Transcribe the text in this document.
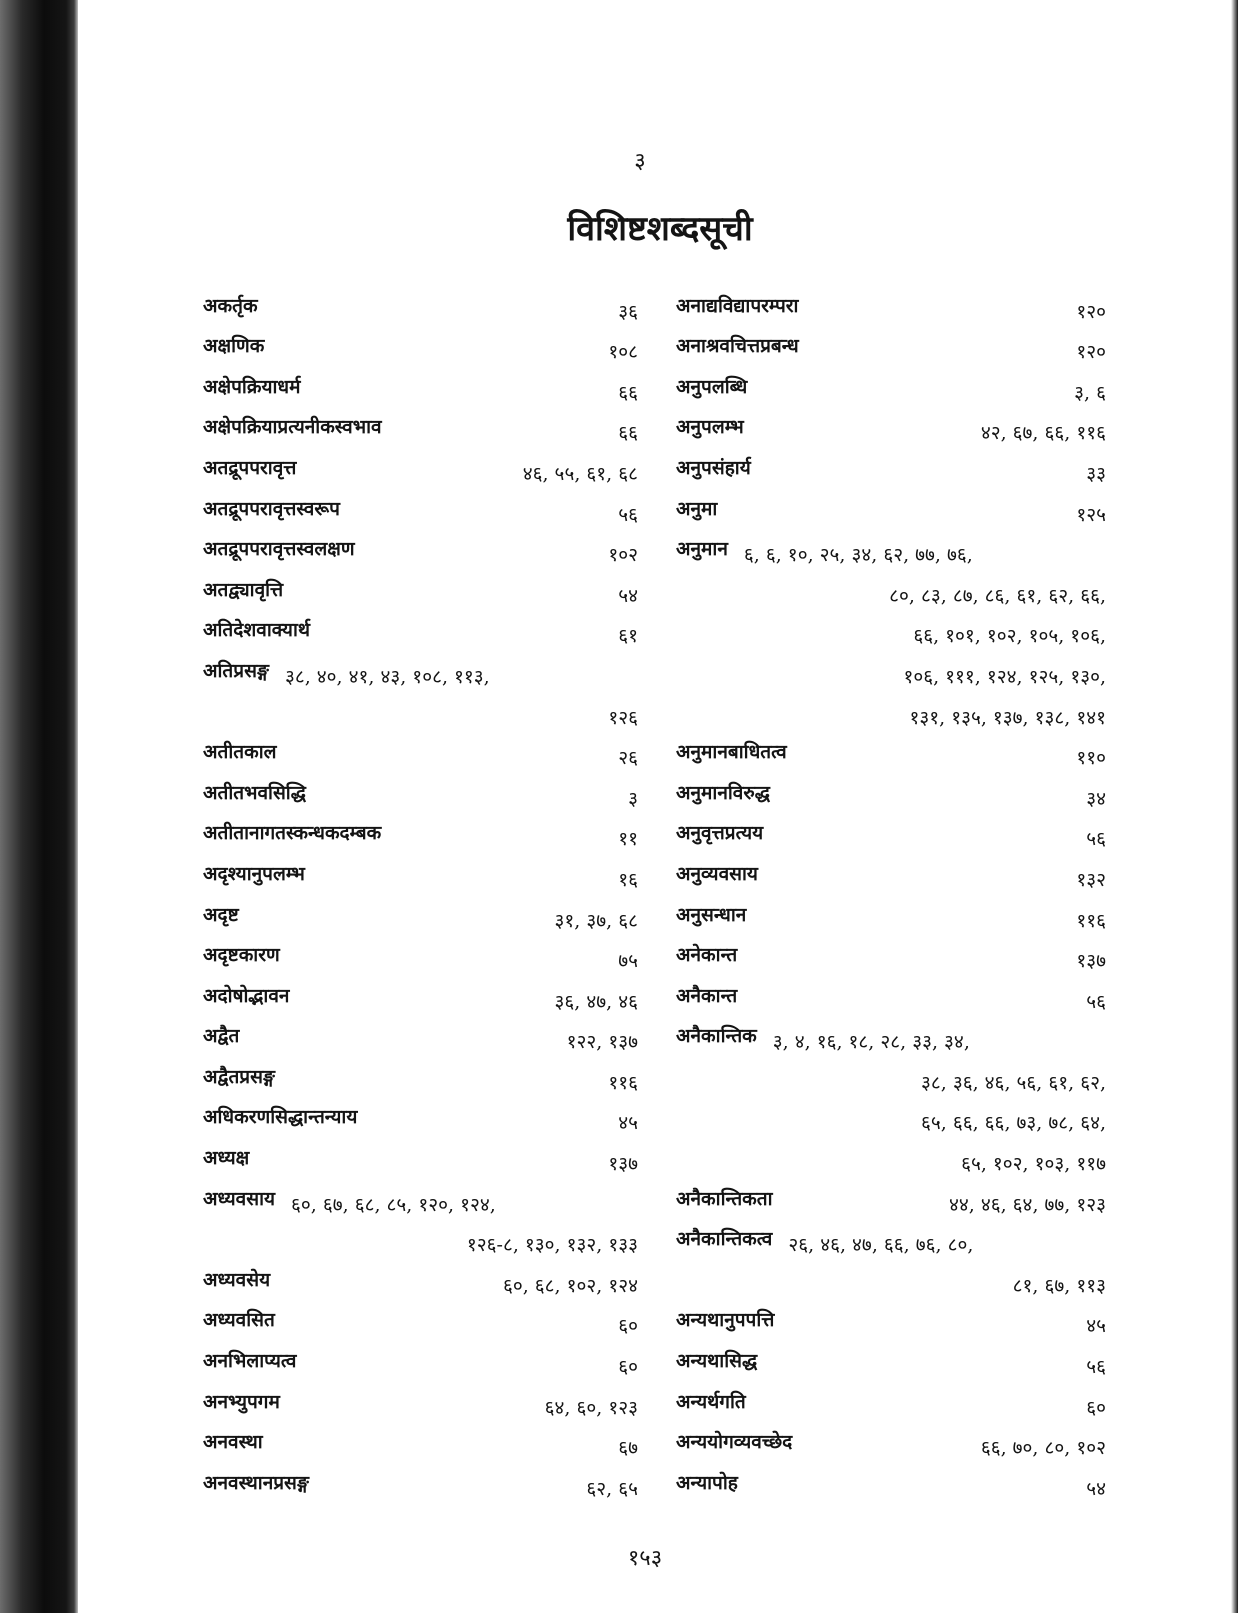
३
विशिष्टशब्दसूची
अकर्तृक	३६
अक्षणिक	१०८
अक्षेपक्रियाधर्म	६६
अक्षेपक्रियाप्रत्यनीकस्वभाव	६६
अतद्रूपपरावृत्त	४६, ५५, ६१, ६८
अतद्रूपपरावृत्तस्वरूप	५६
अतद्रूपपरावृत्तस्वलक्षण	१०२
अतद्व्यावृत्ति	५४
अतिदेशवाक्यार्थ	६१
अतिप्रसङ्ग ३८, ४०, ४१, ४३, १०८, ११३,
१२६
अतीतकाल	२६
अतीतभवसिद्धि	३
अतीतानागतस्कन्धकदम्बक	११
अदृश्यानुपलम्भ	१६
अदृष्ट	३१, ३७, ६८
अदृष्टकारण	७५
अदोषोद्भावन	३६, ४७, ४६
अद्वैत	१२२, १३७
अद्वैतप्रसङ्ग	११६
अधिकरणसिद्धान्तन्याय	४५
अध्यक्ष	१३७
अध्यवसाय ६०, ६७, ६८, ८५, १२०, १२४,
१२६-८, १३०, १३२, १३३
अध्यवसेय	६०, ६८, १०२, १२४
अध्यवसित	६०
अनभिलाप्यत्व	६०
अनभ्युपगम	६४, ६०, १२३
अनवस्था	६७
अनवस्थानप्रसङ्ग	६२, ६५
अनाद्यविद्यापरम्परा	१२०
अनाश्रवचित्तप्रबन्ध	१२०
अनुपलब्धि	३, ६
अनुपलम्भ	४२, ६७, ६६, ११६
अनुपसंहार्य	३३
अनुमा	१२५
अनुमान ६, ६, १०, २५, ३४, ६२, ७७, ७६,
८०, ८३, ८७, ८६, ६१, ६२, ६६,
६६, १०१, १०२, १०५, १०६,
१०६, १११, १२४, १२५, १३०,
१३१, १३५, १३७, १३८, १४१
अनुमानबाधितत्व	११०
अनुमानविरुद्ध	३४
अनुवृत्तप्रत्यय	५६
अनुव्यवसाय	१३२
अनुसन्धान	११६
अनेकान्त	१३७
अनैकान्त	५६
अनैकान्तिक ३, ४, १६, १८, २८, ३३, ३४,
३८, ३६, ४६, ५६, ६१, ६२,
६५, ६६, ६६, ७३, ७८, ६४,
६५, १०२, १०३, ११७
अनैकान्तिकता	४४, ४६, ६४, ७७, १२३
अनैकान्तिकत्व २६, ४६, ४७, ६६, ७६, ८०,
८१, ६७, ११३
अन्यथानुपपत्ति	४५
अन्यथासिद्ध	५६
अन्यर्थगति	६०
अन्ययोगव्यवच्छेद	६६, ७०, ८०, १०२
अन्यापोह	५४
१५३
